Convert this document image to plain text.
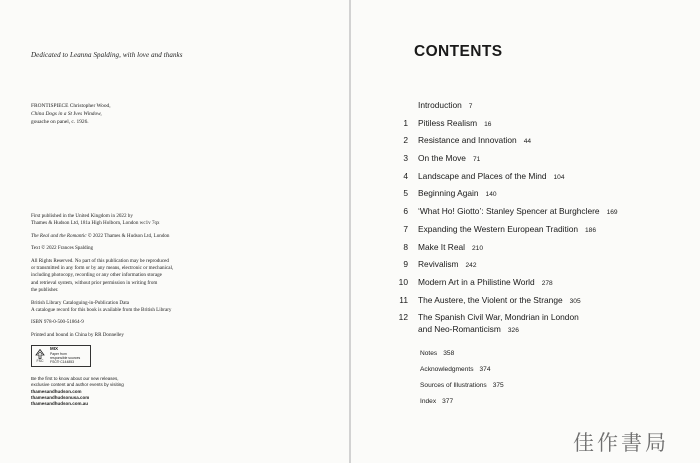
Dedicated to Leanna Spalding, with love and thanks
FRONTISPIECE Christopher Wood,
China Dogs in a St Ives Window,
gouache on panel, c. 1926.

First published in the United Kingdom in 2022 by
Thames & Hudson Ltd, 181a High Holborn, London wc1v 7qx

The Real and the Romantic © 2022 Thames & Hudson Ltd, London

Text © 2022 Frances Spalding

All Rights Reserved. No part of this publication may be reproduced
or transmitted in any form or by any means, electronic or mechanical,
including photocopy, recording or any other information storage
and retrieval system, without prior permission in writing from
the publisher.

British Library Cataloguing-in-Publication Data
A catalogue record for this book is available from the British Library

ISBN 978-0-500-51864-9

Printed and bound in China by RR Donnelley

FSC
MIX
Paper from
responsible sources
FSC® C144853
Be the first to know about our new releases,
exclusive content and author events by visiting
thamesandhudson.com
thamesandhudsonusa.com
thamesandhudson.com.au
CONTENTS
Introduction 7
1 Pitiless Realism 16
2 Resistance and Innovation 44
3 On the Move 71
4 Landscape and Places of the Mind 104
5 Beginning Again 140
6 ‘What Ho! Giotto’: Stanley Spencer at Burghclere 169
7 Expanding the Western European Tradition 186
8 Make It Real 210
9 Revivalism 242
10 Modern Art in a Philistine World 278
11 The Austere, the Violent or the Strange 305
12 The Spanish Civil War, Mondrian in London
and Neo-Romanticism 326
Notes 358
Acknowledgments 374
Sources of Illustrations 375
Index 377
佳作書局
